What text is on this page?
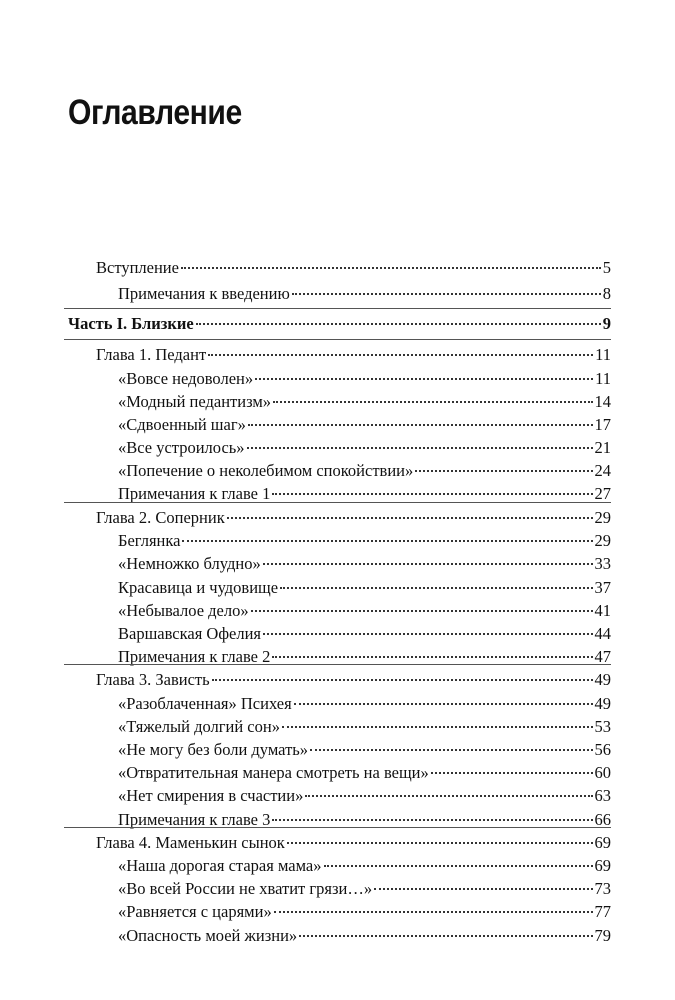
Оглавление
Вступление	5
Примечания к введению	8
Часть I. Близкие	9
Глава 1. Педант	11
«Вовсе недоволен»	11
«Модный педантизм»	14
«Сдвоенный шаг»	17
«Все устроилось»	21
«Попечение о неколебимом спокойствии»	24
Примечания к главе 1	27
Глава 2. Соперник	29
Беглянка	29
«Немножко блудно»	33
Красавица и чудовище	37
«Небывалое дело»	41
Варшавская Офелия	44
Примечания к главе 2	47
Глава 3. Зависть	49
«Разоблаченная» Психея	49
«Тяжелый долгий сон»	53
«Не могу без боли думать»	56
«Отвратительная манера смотреть на вещи»	60
«Нет смирения в счастии»	63
Примечания к главе 3	66
Глава 4. Маменькин сынок	69
«Наша дорогая старая мама»	69
«Во всей России не хватит грязи…»	73
«Равняется с царями»	77
«Опасность моей жизни»	79
